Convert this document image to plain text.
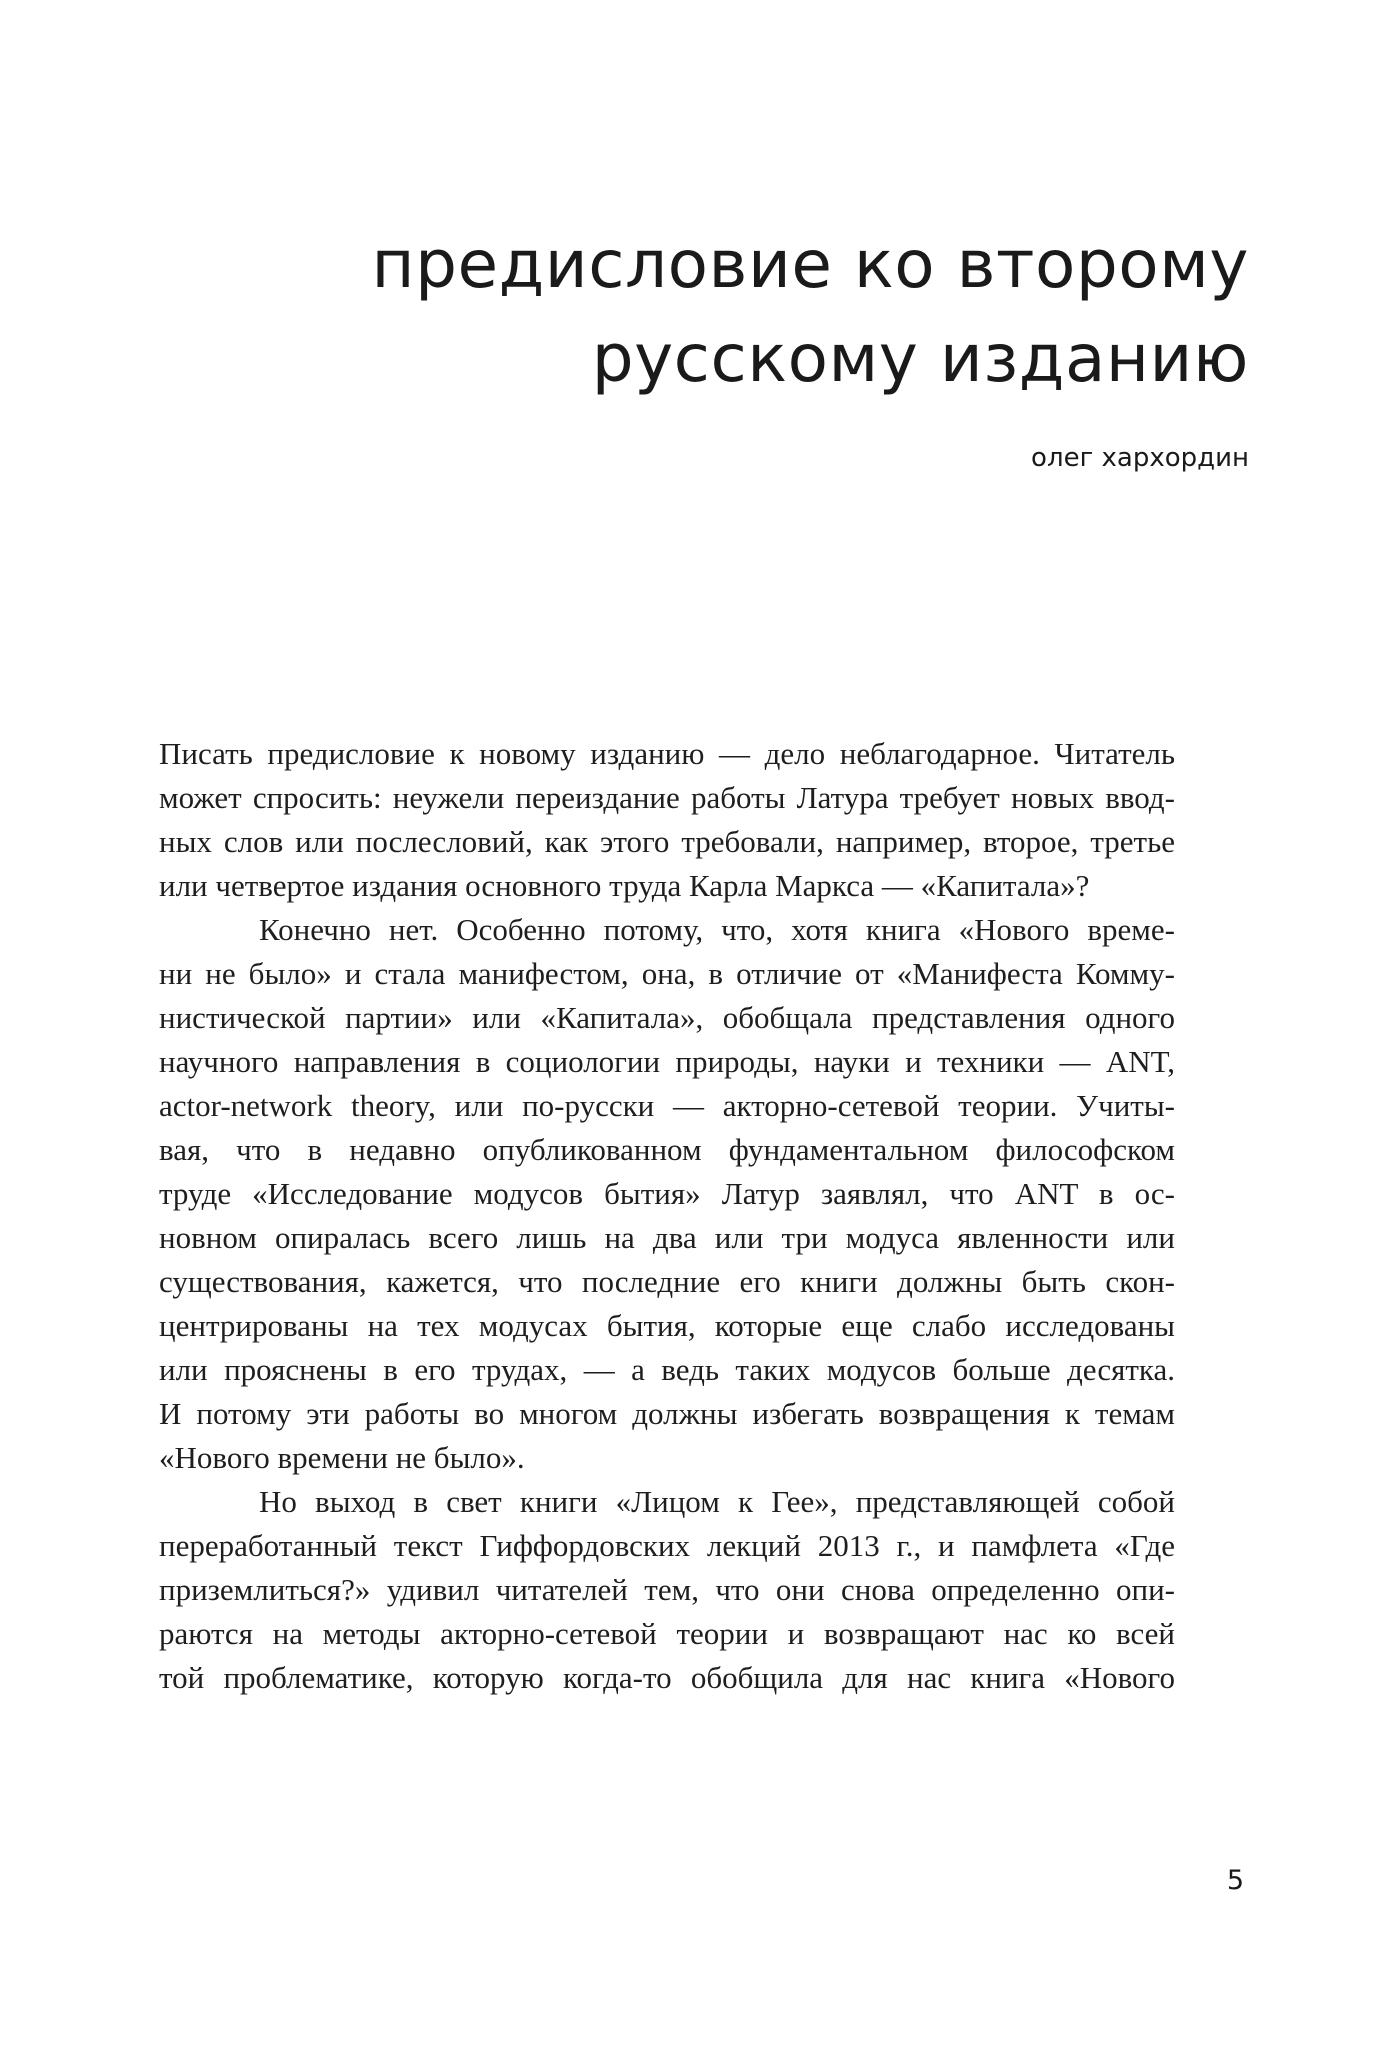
предисловие ко второму
русскому изданию

олег хархордин

Писать предисловие к новому изданию — дело неблагодарное. Читатель
может спросить: неужели переиздание работы Латура требует новых ввод-
ных слов или послесловий, как этого требовали, например, второе, третье
или четвертое издания основного труда Карла Маркса — «Капитала»?
Конечно нет. Особенно потому, что, хотя книга «Нового време-
ни не было» и стала манифестом, она, в отличие от «Манифеста Комму-
нистической партии» или «Капитала», обобщала представления одного
научного направления в социологии природы, науки и техники — ANT,
actor-network theory, или по-русски — акторно-сетевой теории. Учиты-
вая, что в недавно опубликованном фундаментальном философском
труде «Исследование модусов бытия» Латур заявлял, что ANT в ос-
новном опиралась всего лишь на два или три модуса явленности или
существования, кажется, что последние его книги должны быть скон-
центрированы на тех модусах бытия, которые еще слабо исследованы
или прояснены в его трудах, — а ведь таких модусов больше десятка.
И потому эти работы во многом должны избегать возвращения к темам
«Нового времени не было».
Но выход в свет книги «Лицом к Гее», представляющей собой
переработанный текст Гиффордовских лекций 2013 г., и памфлета «Где
приземлиться?» удивил читателей тем, что они снова определенно опи-
раются на методы акторно-сетевой теории и возвращают нас ко всей
той проблематике, которую когда-то обобщила для нас книга «Нового
5
